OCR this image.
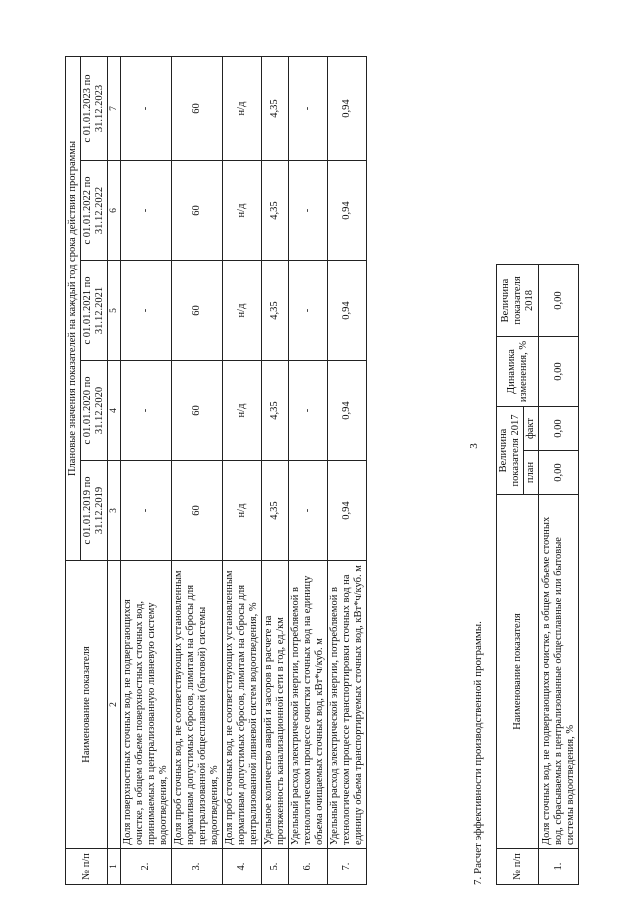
3
№ п/п	Наименование показателя	Плановые значения показателей на каждый год срока действия программы				
		с 01.01.2019 по 31.12.2019	с 01.01.2020 по 31.12.2020	с 01.01.2021 по 31.12.2021	с 01.01.2022 по 31.12.2022	с 01.01.2023 по 31.12.2023
1	2	3	4	5	6	7
2.	Доля поверхностных сточных вод, не подвергающихся очистке, в общем объеме поверхностных сточных вод, принимаемых в централизованную ливневую систему водоотведения, %	-	-	-	-	-
3.	Доля проб сточных вод, не соответствующих установленным нормативам допустимых сбросов, лимитам на сбросы для централизованной общесплавной (бытовой) системы водоотведения, %	60	60	60	60	60
4.	Доля проб сточных вод, не соответствующих установленным нормативам допустимых сбросов, лимитам на сбросы для централизованной ливневой систем водоотведения, %	н/д	н/д	н/д	н/д	н/д
5.	Удельное количество аварий и засоров в расчете на протяженность канализационной сети в год, ед./км	4,35	4,35	4,35	4,35	4,35
6.	Удельный расход электрической энергии, потребляемой в технологическом процессе очистки сточных вод на единицу объема очищаемых сточных вод, кВт*ч/куб. м	-	-	-	-	-
7.	Удельный расход электрической энергии, потребляемой в технологическом процессе транспортировки сточных вод на единицу объема транспортируемых сточных вод, кВт*ч/куб. м	0,94	0,94	0,94	0,94	0,94
7. Расчет эффективности производственной программы.	№ п/п	Наименование показателя	Величина показателя 2017		Динамика изменения, %	Величина показателя 2018
		план	факт		
1.	Доля сточных вод, не подвергающихся очистке, в общем объеме сточных вод, сбрасываемых в централизованные общесплавные или бытовые системы водоотведения, %	0,00	0,00	0,00	0,00
